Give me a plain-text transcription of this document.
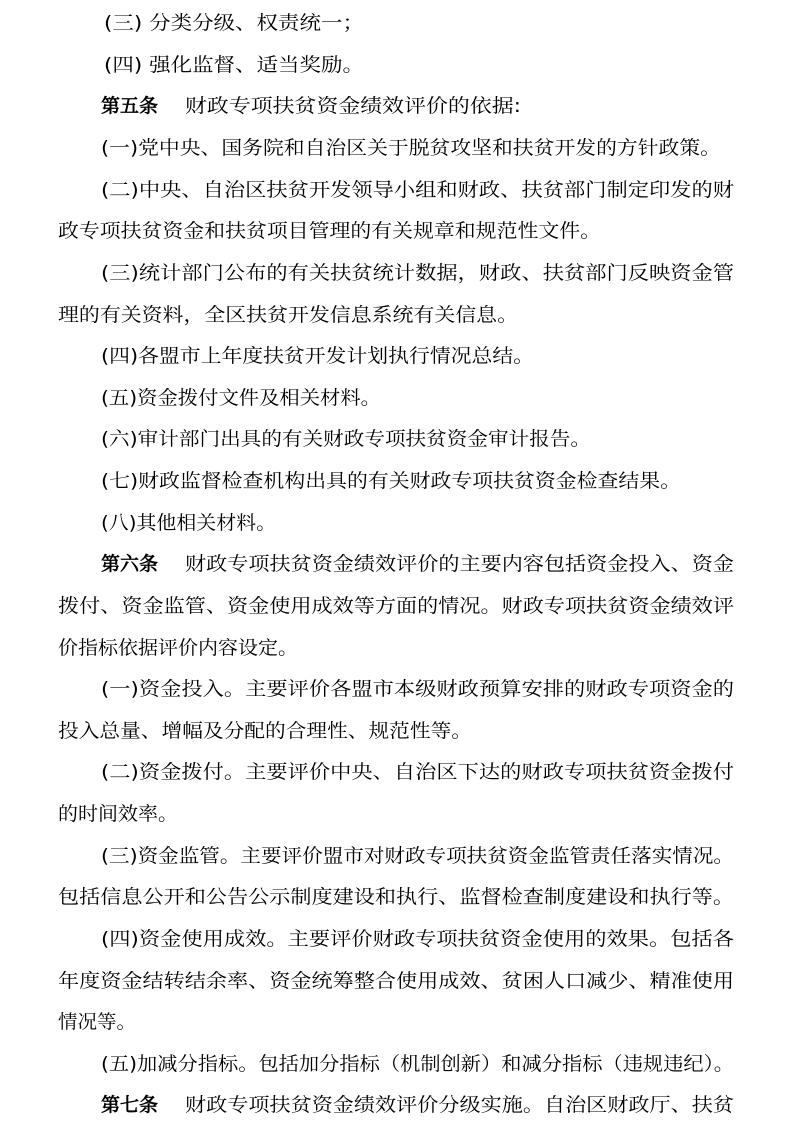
(三) 分类分级、权责统一；
(四) 强化监督、适当奖励。
第五条 财政专项扶贫资金绩效评价的依据:
(一)党中央、国务院和自治区关于脱贫攻坚和扶贫开发的方针政策。
(二)中央、自治区扶贫开发领导小组和财政、扶贫部门制定印发的财
政专项扶贫资金和扶贫项目管理的有关规章和规范性文件。
(三)统计部门公布的有关扶贫统计数据，财政、扶贫部门反映资金管
理的有关资料，全区扶贫开发信息系统有关信息。
(四)各盟市上年度扶贫开发计划执行情况总结。
(五)资金拨付文件及相关材料。
(六)审计部门出具的有关财政专项扶贫资金审计报告。
(七)财政监督检查机构出具的有关财政专项扶贫资金检查结果。
(八)其他相关材料。
第六条 财政专项扶贫资金绩效评价的主要内容包括资金投入、资金
拨付、资金监管、资金使用成效等方面的情况。财政专项扶贫资金绩效评
价指标依据评价内容设定。
(一)资金投入。主要评价各盟市本级财政预算安排的财政专项资金的
投入总量、增幅及分配的合理性、规范性等。
(二)资金拨付。主要评价中央、自治区下达的财政专项扶贫资金拨付
的时间效率。
(三)资金监管。主要评价盟市对财政专项扶贫资金监管责任落实情况。
包括信息公开和公告公示制度建设和执行、监督检查制度建设和执行等。
(四)资金使用成效。主要评价财政专项扶贫资金使用的效果。包括各
年度资金结转结余率、资金统筹整合使用成效、贫困人口减少、精准使用
情况等。
(五)加减分指标。包括加分指标（机制创新）和减分指标（违规违纪）。
第七条 财政专项扶贫资金绩效评价分级实施。自治区财政厅、扶贫
